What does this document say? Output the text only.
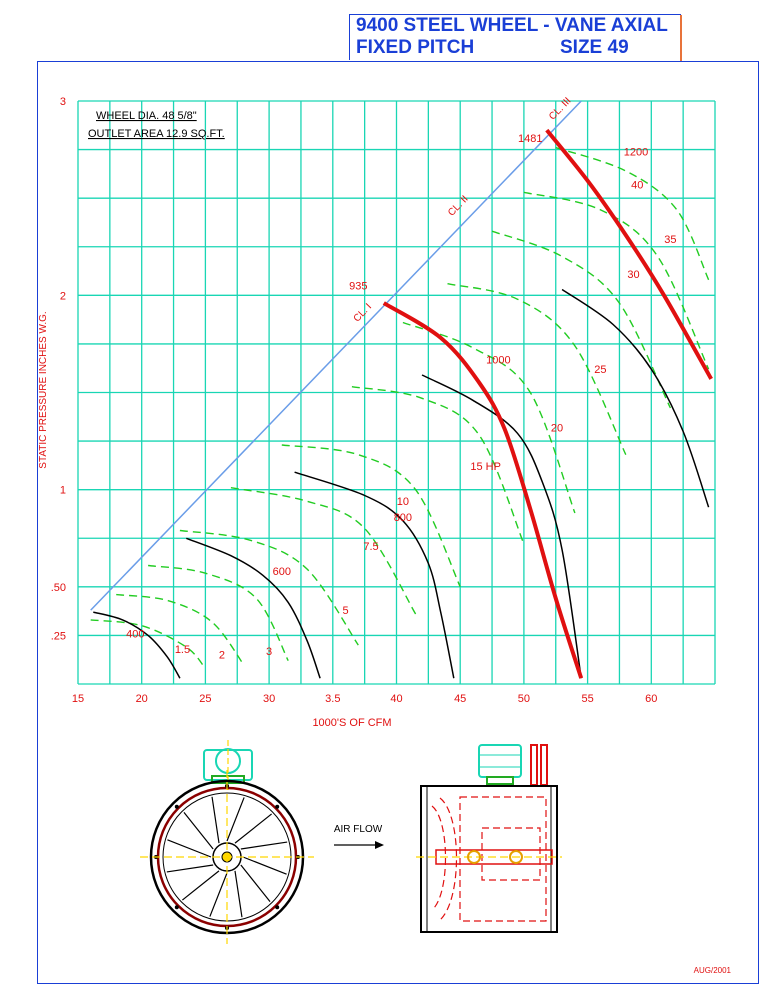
9400 STEEL WHEEL - VANE AXIAL
FIXED PITCH	SIZE 49
15	20	25	30	3.5	40	45	50	55	60
.25
.50
1
2
3
CL. I
CL. II
CL. III
400
600
800
1000
1200
935
1481
1.5	2	3
5
7.5
10
15 HP
20
25
30
35
40
WHEEL DIA. 48 5/8"
OUTLET AREA 12.9 SQ.FT.
1000'S OF CFM
STATIC PRESSURE INCHES W.G.
AIR FLOW
AUG/2001
